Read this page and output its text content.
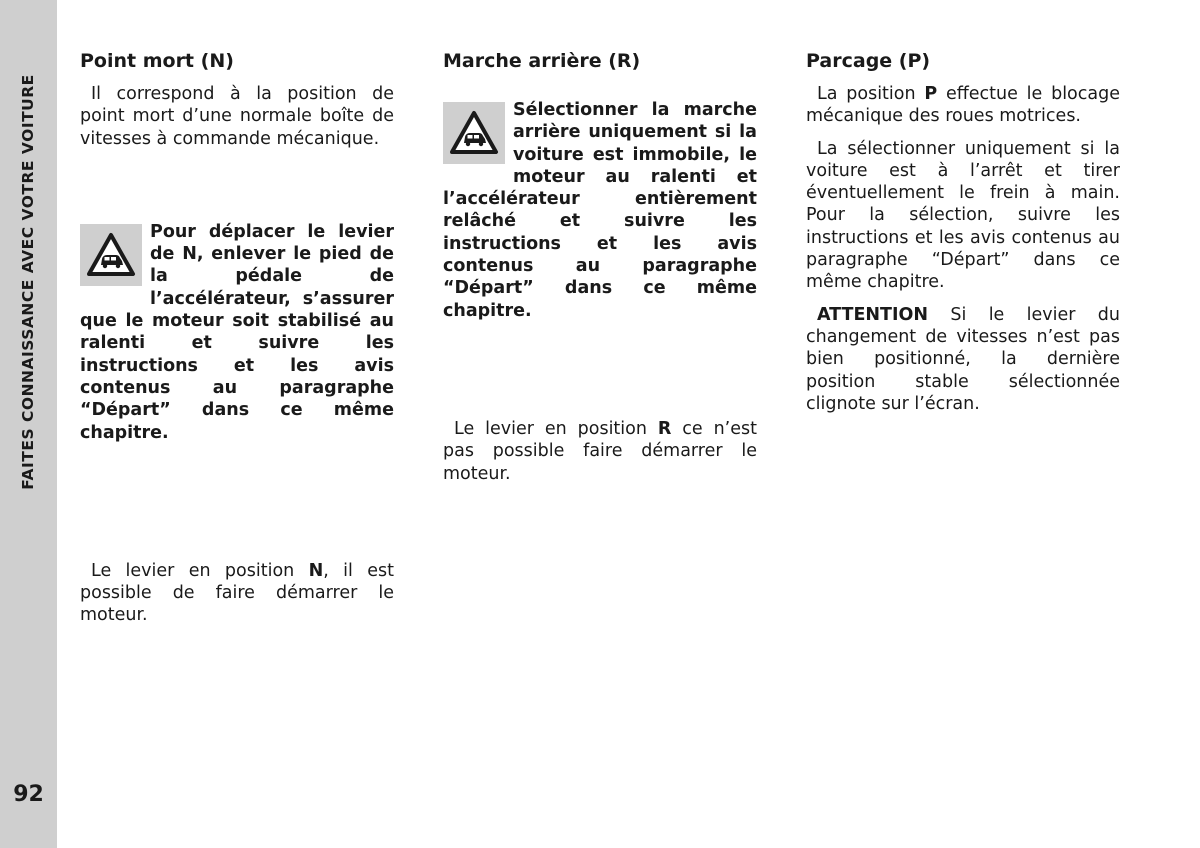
FAITES CONNAISSANCE AVEC VOTRE VOITURE
92
Point mort (N)

Il correspond à la position de point mort d’une normale boîte de vitesses à commande mécanique.

Pour déplacer le levier de N, enlever le pied de la pédale de l’accélérateur, s’assurer que le moteur soit stabilisé au ralenti et suivre les instructions et les avis contenus au paragraphe “Départ” dans ce même chapitre.

Le levier en position N, il est possible de faire démarrer le moteur.

Marche arrière (R)
Sélectionner la marche arrière uniquement si la voiture est immobile, le moteur au ralenti et l’accélérateur entièrement relâché et suivre les instructions et les avis contenus au paragraphe “Départ” dans ce même chapitre.

Le levier en position R ce n’est pas possible faire démarrer le moteur.

Parcage (P)

La position P effectue le blocage mécanique des roues motrices.

La sélectionner uniquement si la voiture est à l’arrêt et tirer éventuellement le frein à main. Pour la sélection, suivre les instructions et les avis contenus au paragraphe “Départ” dans ce même chapitre.

ATTENTION Si le levier du changement de vitesses n’est pas bien positionné, la dernière position stable sélectionnée clignote sur l’écran.
